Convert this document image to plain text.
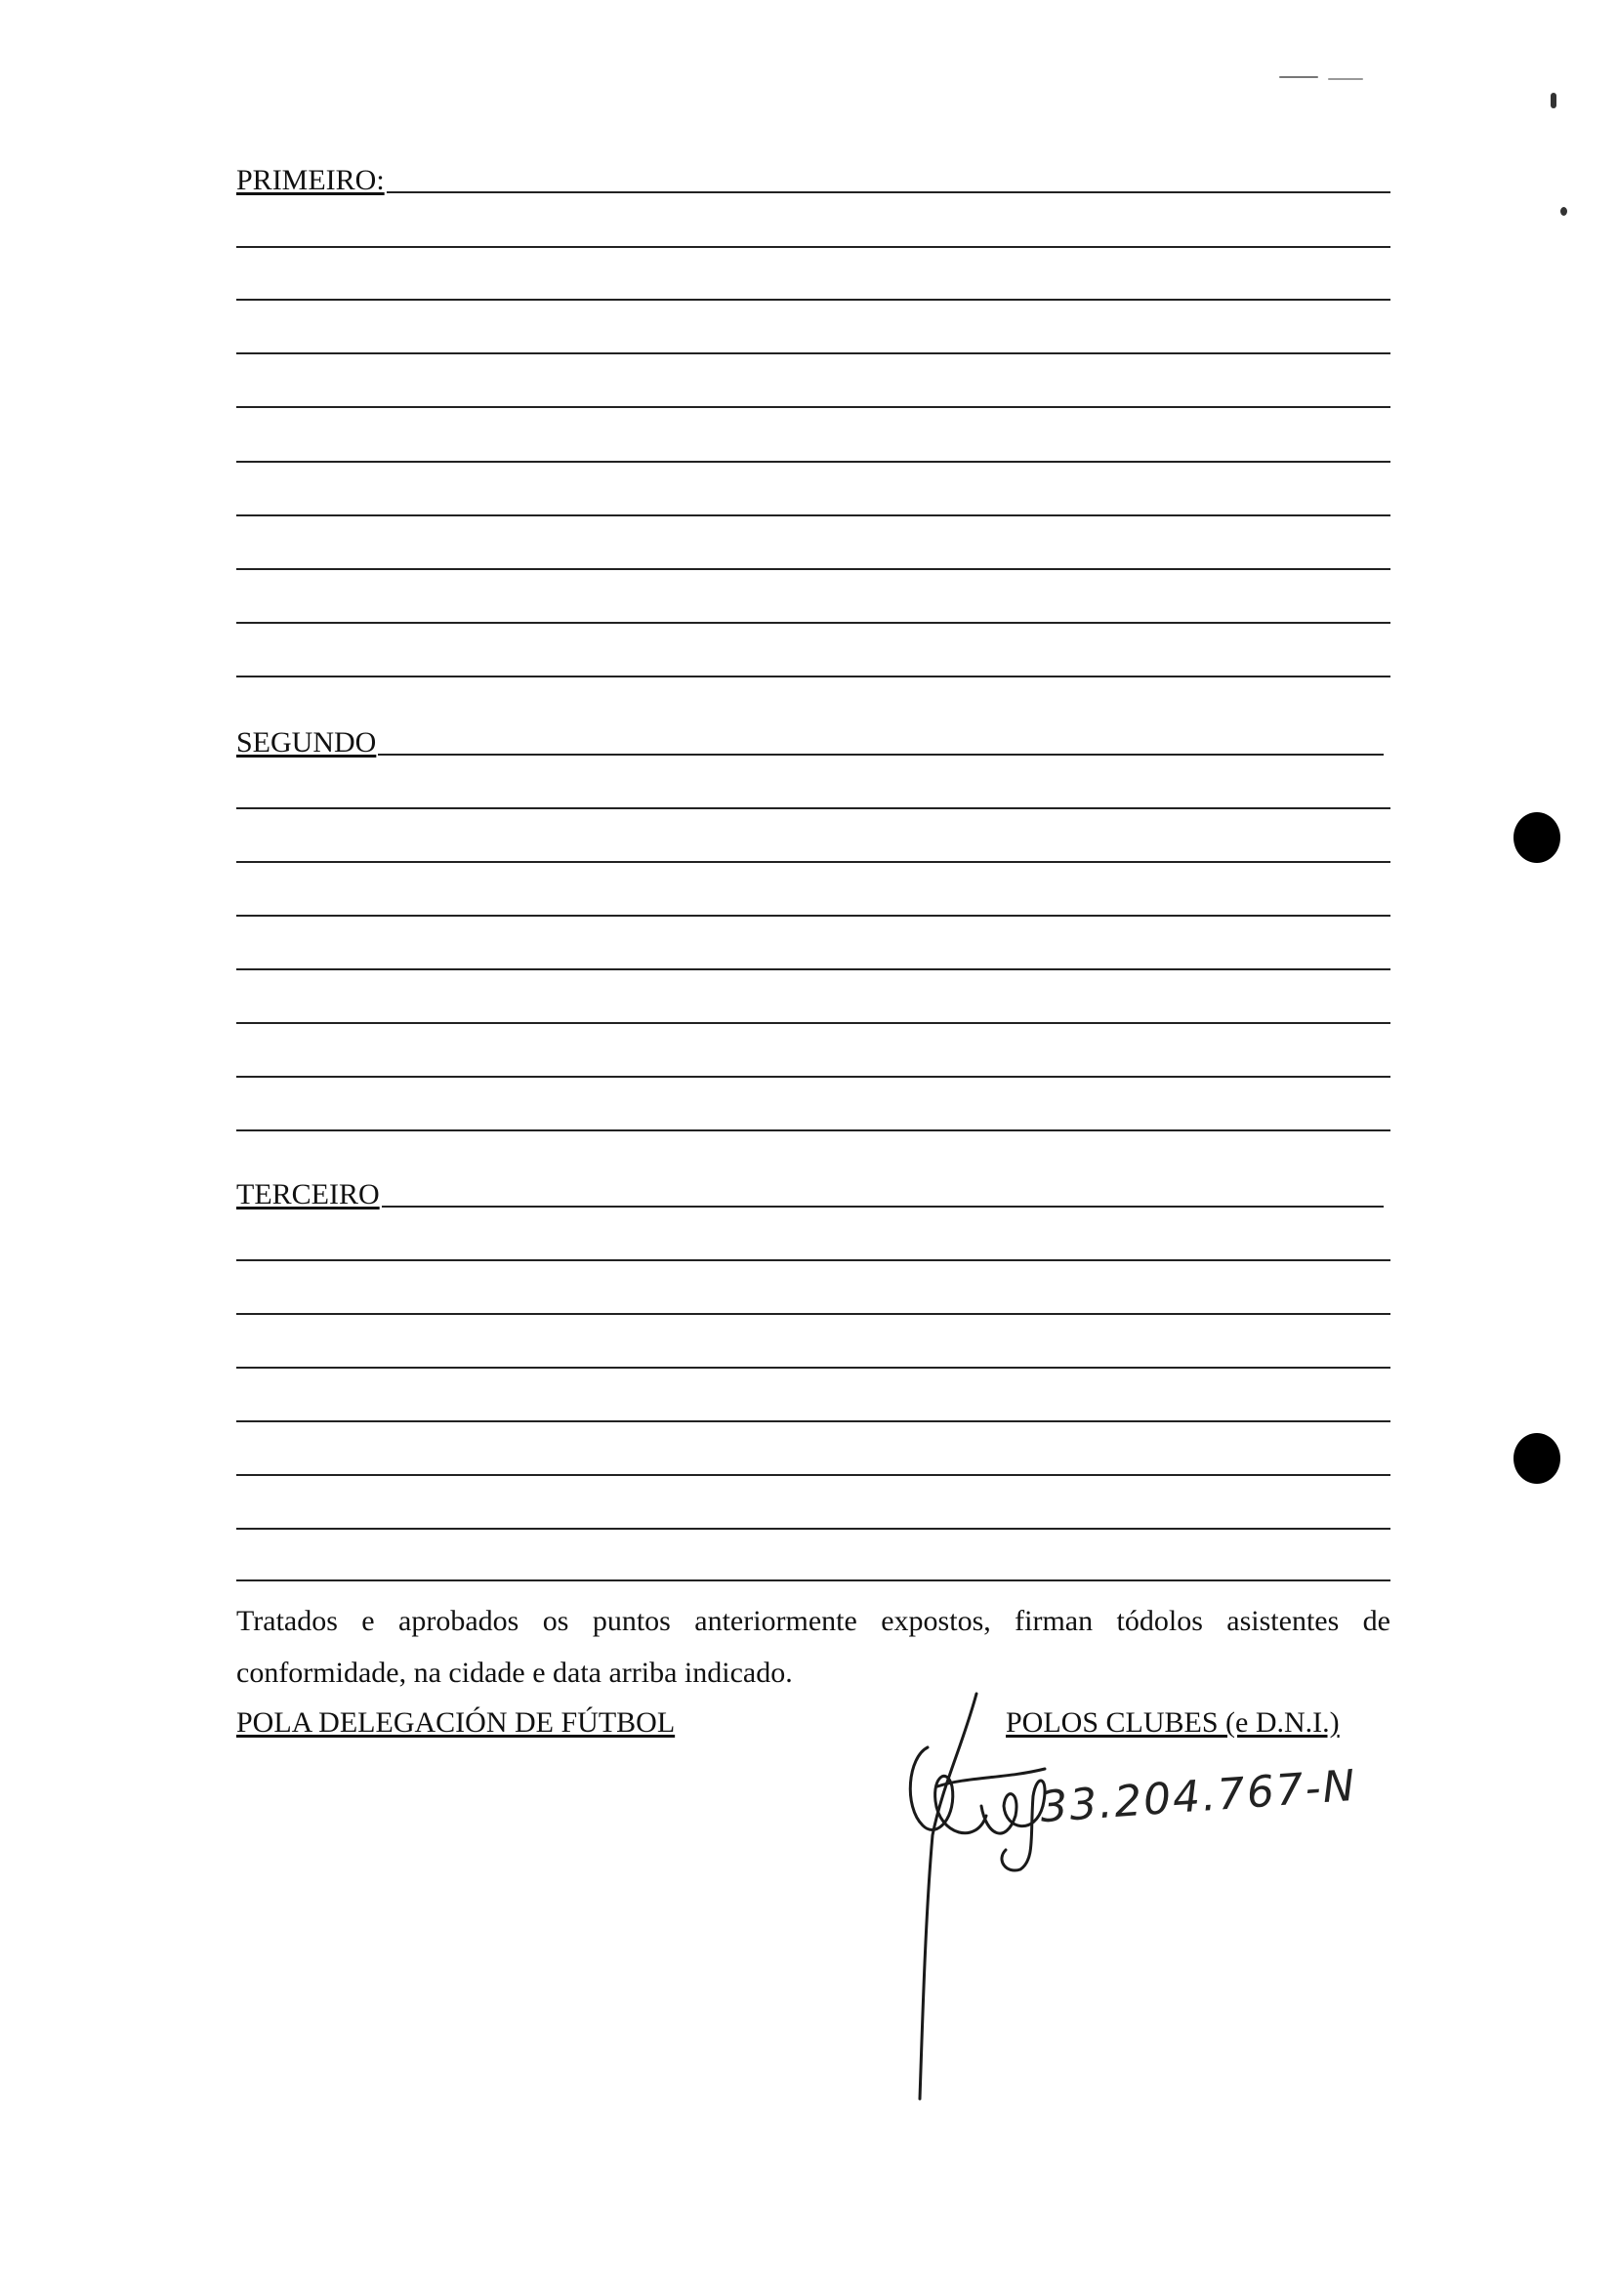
PRIMEIRO:
SEGUNDO
TERCEIRO
Tratados e aprobados os puntos anteriormente expostos, firman tódolos asistentes de conformidade, na cidade e data arriba indicado.
POLA DELEGACIÓN DE FÚTBOL	POLOS CLUBES (e D.N.I.)
33.204.767-N
